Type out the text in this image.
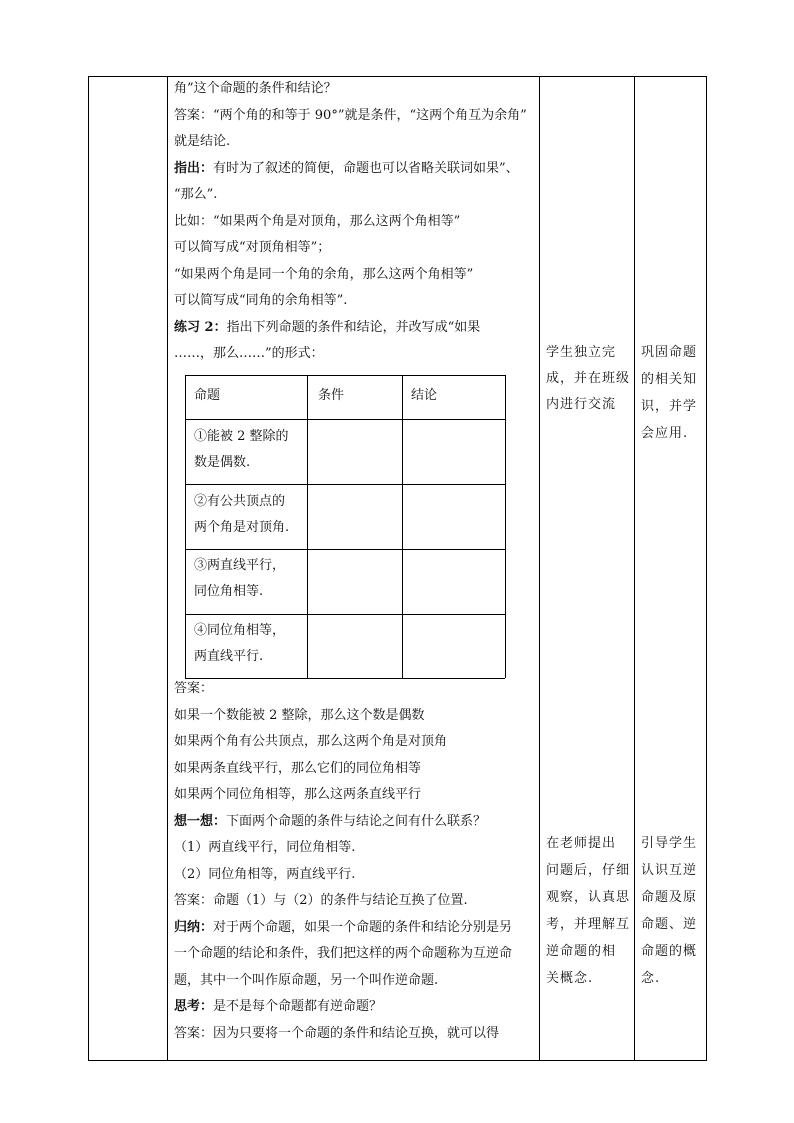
角”这个命题的条件和结论？
答案：“两个角的和等于 90°”就是条件，“这两个角互为余角”
就是结论.
指出：有时为了叙述的简便，命题也可以省略关联词如果”、
“那么”.
比如：“如果两个角是对顶角，那么这两个角相等”
可以简写成“对顶角相等”；
“如果两个角是同一个角的余角，那么这两个角相等”
可以简写成“同角的余角相等”.
练习 2：指出下列命题的条件和结论，并改写成“如果
……，那么……”的形式：
答案：
如果一个数能被 2 整除，那么这个数是偶数
如果两个角有公共顶点，那么这两个角是对顶角
如果两条直线平行，那么它们的同位角相等
如果两个同位角相等，那么这两条直线平行
想一想：下面两个命题的条件与结论之间有什么联系？
（1）两直线平行，同位角相等.
（2）同位角相等，两直线平行.
答案：命题（1）与（2）的条件与结论互换了位置.
归纳：对于两个命题，如果一个命题的条件和结论分别是另
一个命题的结论和条件，我们把这样的两个命题称为互逆命
题，其中一个叫作原命题，另一个叫作逆命题.
思考：是不是每个命题都有逆命题？
答案：因为只要将一个命题的条件和结论互换，就可以得
命题	条件	结论
①能被 2 整除的
数是偶数.
②有公共顶点的
两个角是对顶角.
③两直线平行，
同位角相等.
④同位角相等，
两直线平行.
学生独立完
成，并在班级
内进行交流
在老师提出
问题后，仔细
观察，认真思
考，并理解互
逆命题的相
关概念.
巩固命题
的相关知
识，并学
会应用.
引导学生
认识互逆
命题及原
命题、逆
命题的概
念.
